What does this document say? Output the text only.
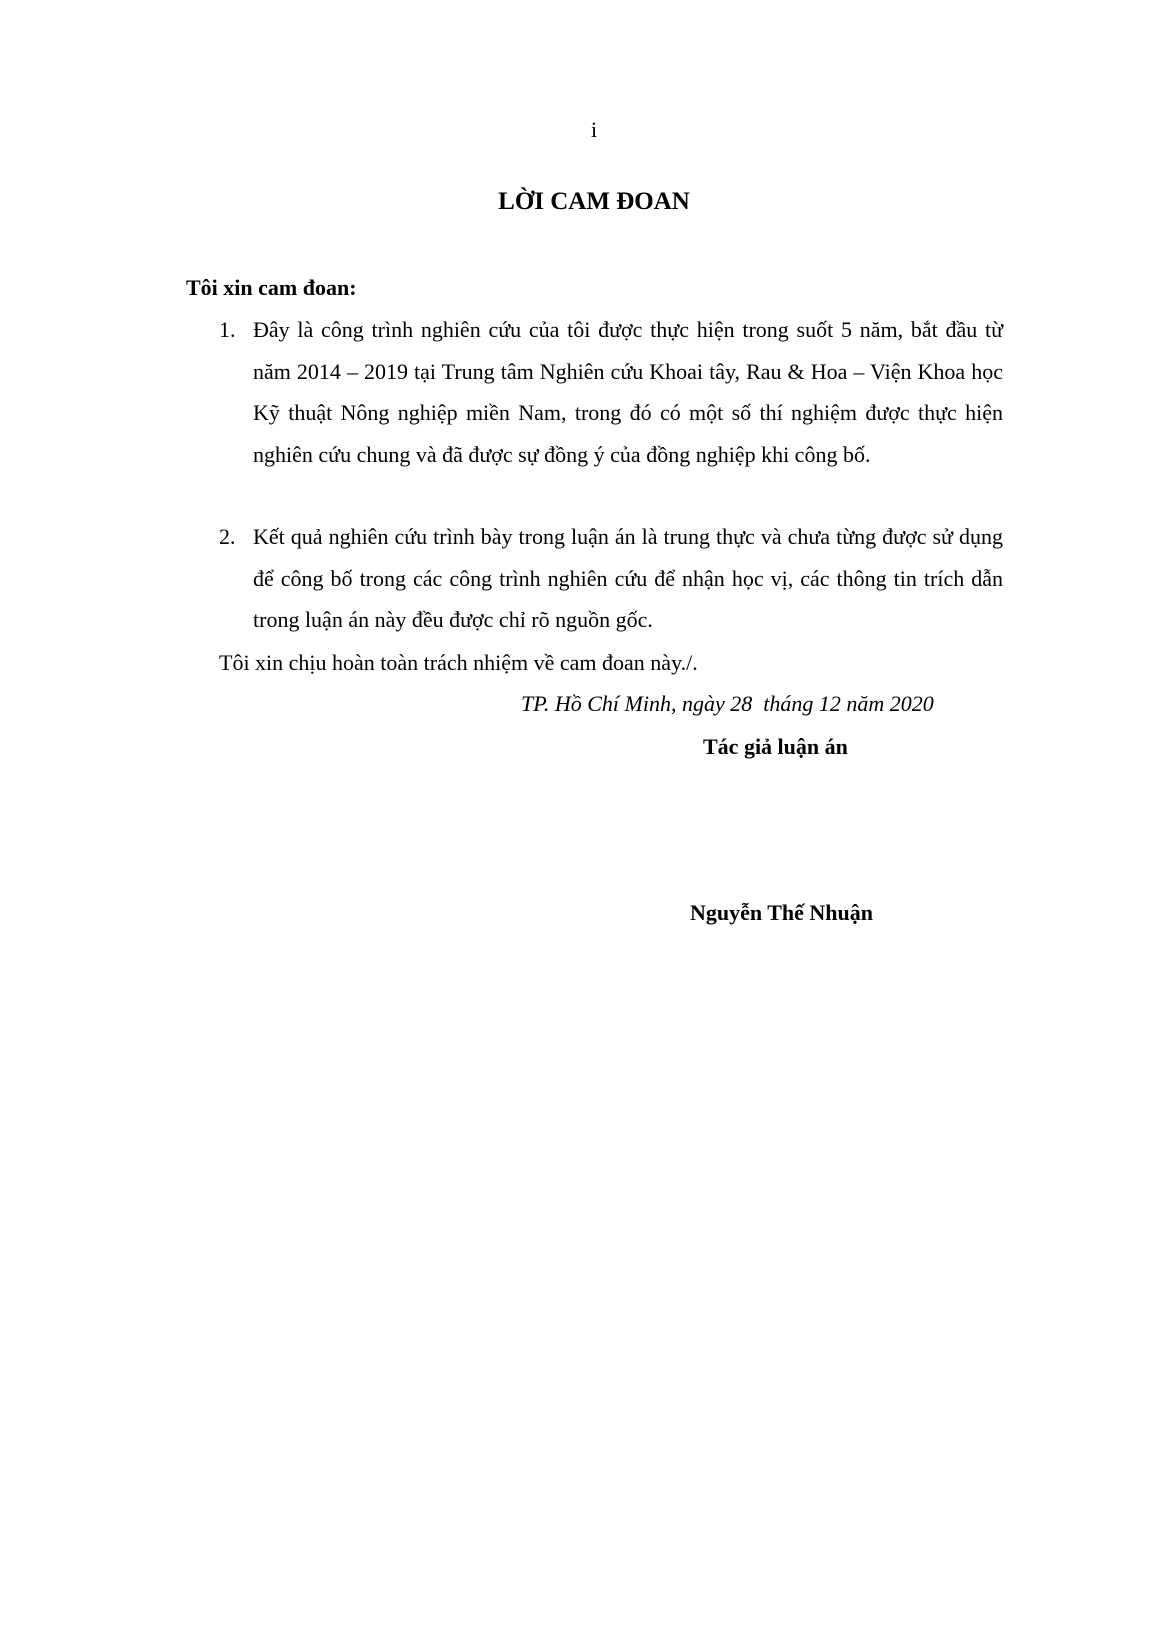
i
LỜI CAM ĐOAN
Tôi xin cam đoan:
1. Đây là công trình nghiên cứu của tôi được thực hiện trong suốt 5 năm, bắt đầu từ năm 2014 – 2019 tại Trung tâm Nghiên cứu Khoai tây, Rau & Hoa – Viện Khoa học Kỹ thuật Nông nghiệp miền Nam, trong đó có một số thí nghiệm được thực hiện nghiên cứu chung và đã được sự đồng ý của đồng nghiệp khi công bố.
2. Kết quả nghiên cứu trình bày trong luận án là trung thực và chưa từng được sử dụng để công bố trong các công trình nghiên cứu để nhận học vị, các thông tin trích dẫn trong luận án này đều được chỉ rõ nguồn gốc.
Tôi xin chịu hoàn toàn trách nhiệm về cam đoan này./.
TP. Hồ Chí Minh, ngày 28  tháng 12 năm 2020
Tác giả luận án
Nguyễn Thế Nhuận
